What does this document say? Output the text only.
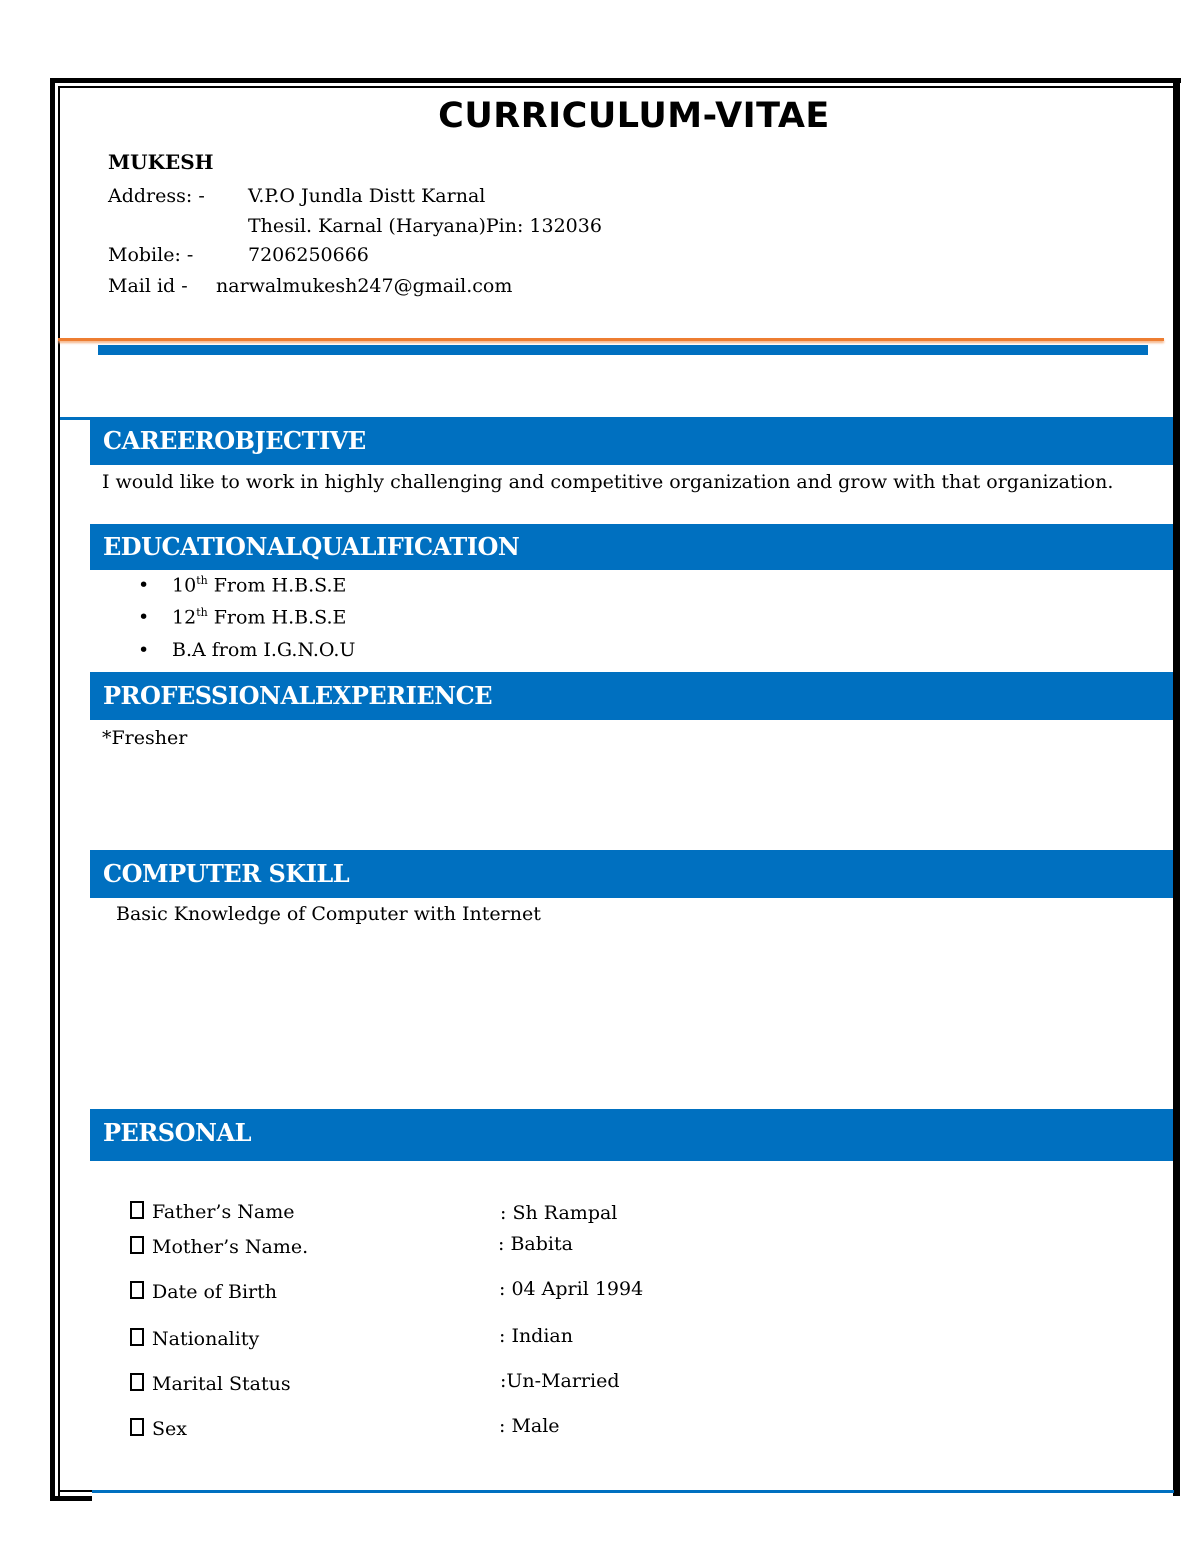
CURRICULUM-VITAE
MUKESH
Address: - V.P.O Jundla Distt Karnal
Thesil. Karnal (Haryana)Pin: 132036
Mobile: -	7206250666
Mail id - narwalmukesh247@gmail.com
CAREEROBJECTIVE
I would like to work in highly challenging and competitive organization and grow with that organization.
EDUCATIONALQUALIFICATION
• 10th From H.B.S.E
• 12th From H.B.S.E
• B.A from I.G.N.O.U
PROFESSIONALEXPERIENCE
*Fresher
COMPUTER SKILL
Basic Knowledge of Computer with Internet
PERSONAL
Father’s Name	: Sh Rampal
Mother’s Name.	: Babita
Date of Birth	: 04 April 1994
Nationality	: Indian
Marital Status	:Un-Married
Sex	: Male
